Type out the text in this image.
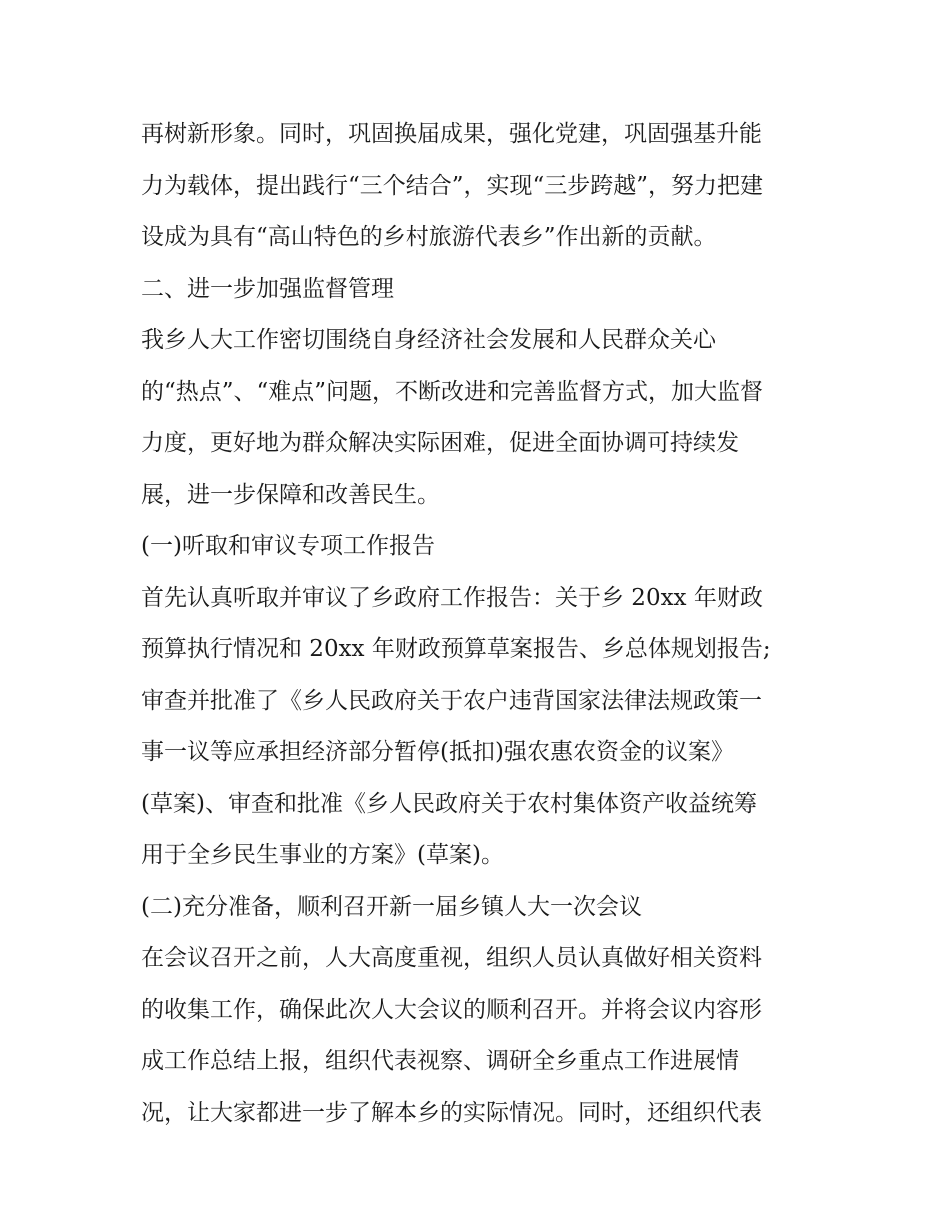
再树新形象。同时，巩固换届成果，强化党建，巩固强基升能
力为载体，提出践行“三个结合”，实现“三步跨越”，努力把建
设成为具有“高山特色的乡村旅游代表乡”作出新的贡献。
二、进一步加强监督管理
我乡人大工作密切围绕自身经济社会发展和人民群众关心
的“热点”、“难点”问题，不断改进和完善监督方式，加大监督
力度，更好地为群众解决实际困难，促进全面协调可持续发
展，进一步保障和改善民生。
(一)听取和审议专项工作报告
首先认真听取并审议了乡政府工作报告：关于乡 20xx 年财政
预算执行情况和 20xx 年财政预算草案报告、乡总体规划报告;
审查并批准了《乡人民政府关于农户违背国家法律法规政策一
事一议等应承担经济部分暂停(抵扣)强农惠农资金的议案》
(草案)、审查和批准《乡人民政府关于农村集体资产收益统筹
用于全乡民生事业的方案》(草案)。
(二)充分准备，顺利召开新一届乡镇人大一次会议
在会议召开之前，人大高度重视，组织人员认真做好相关资料
的收集工作，确保此次人大会议的顺利召开。并将会议内容形
成工作总结上报，组织代表视察、调研全乡重点工作进展情
况，让大家都进一步了解本乡的实际情况。同时，还组织代表
